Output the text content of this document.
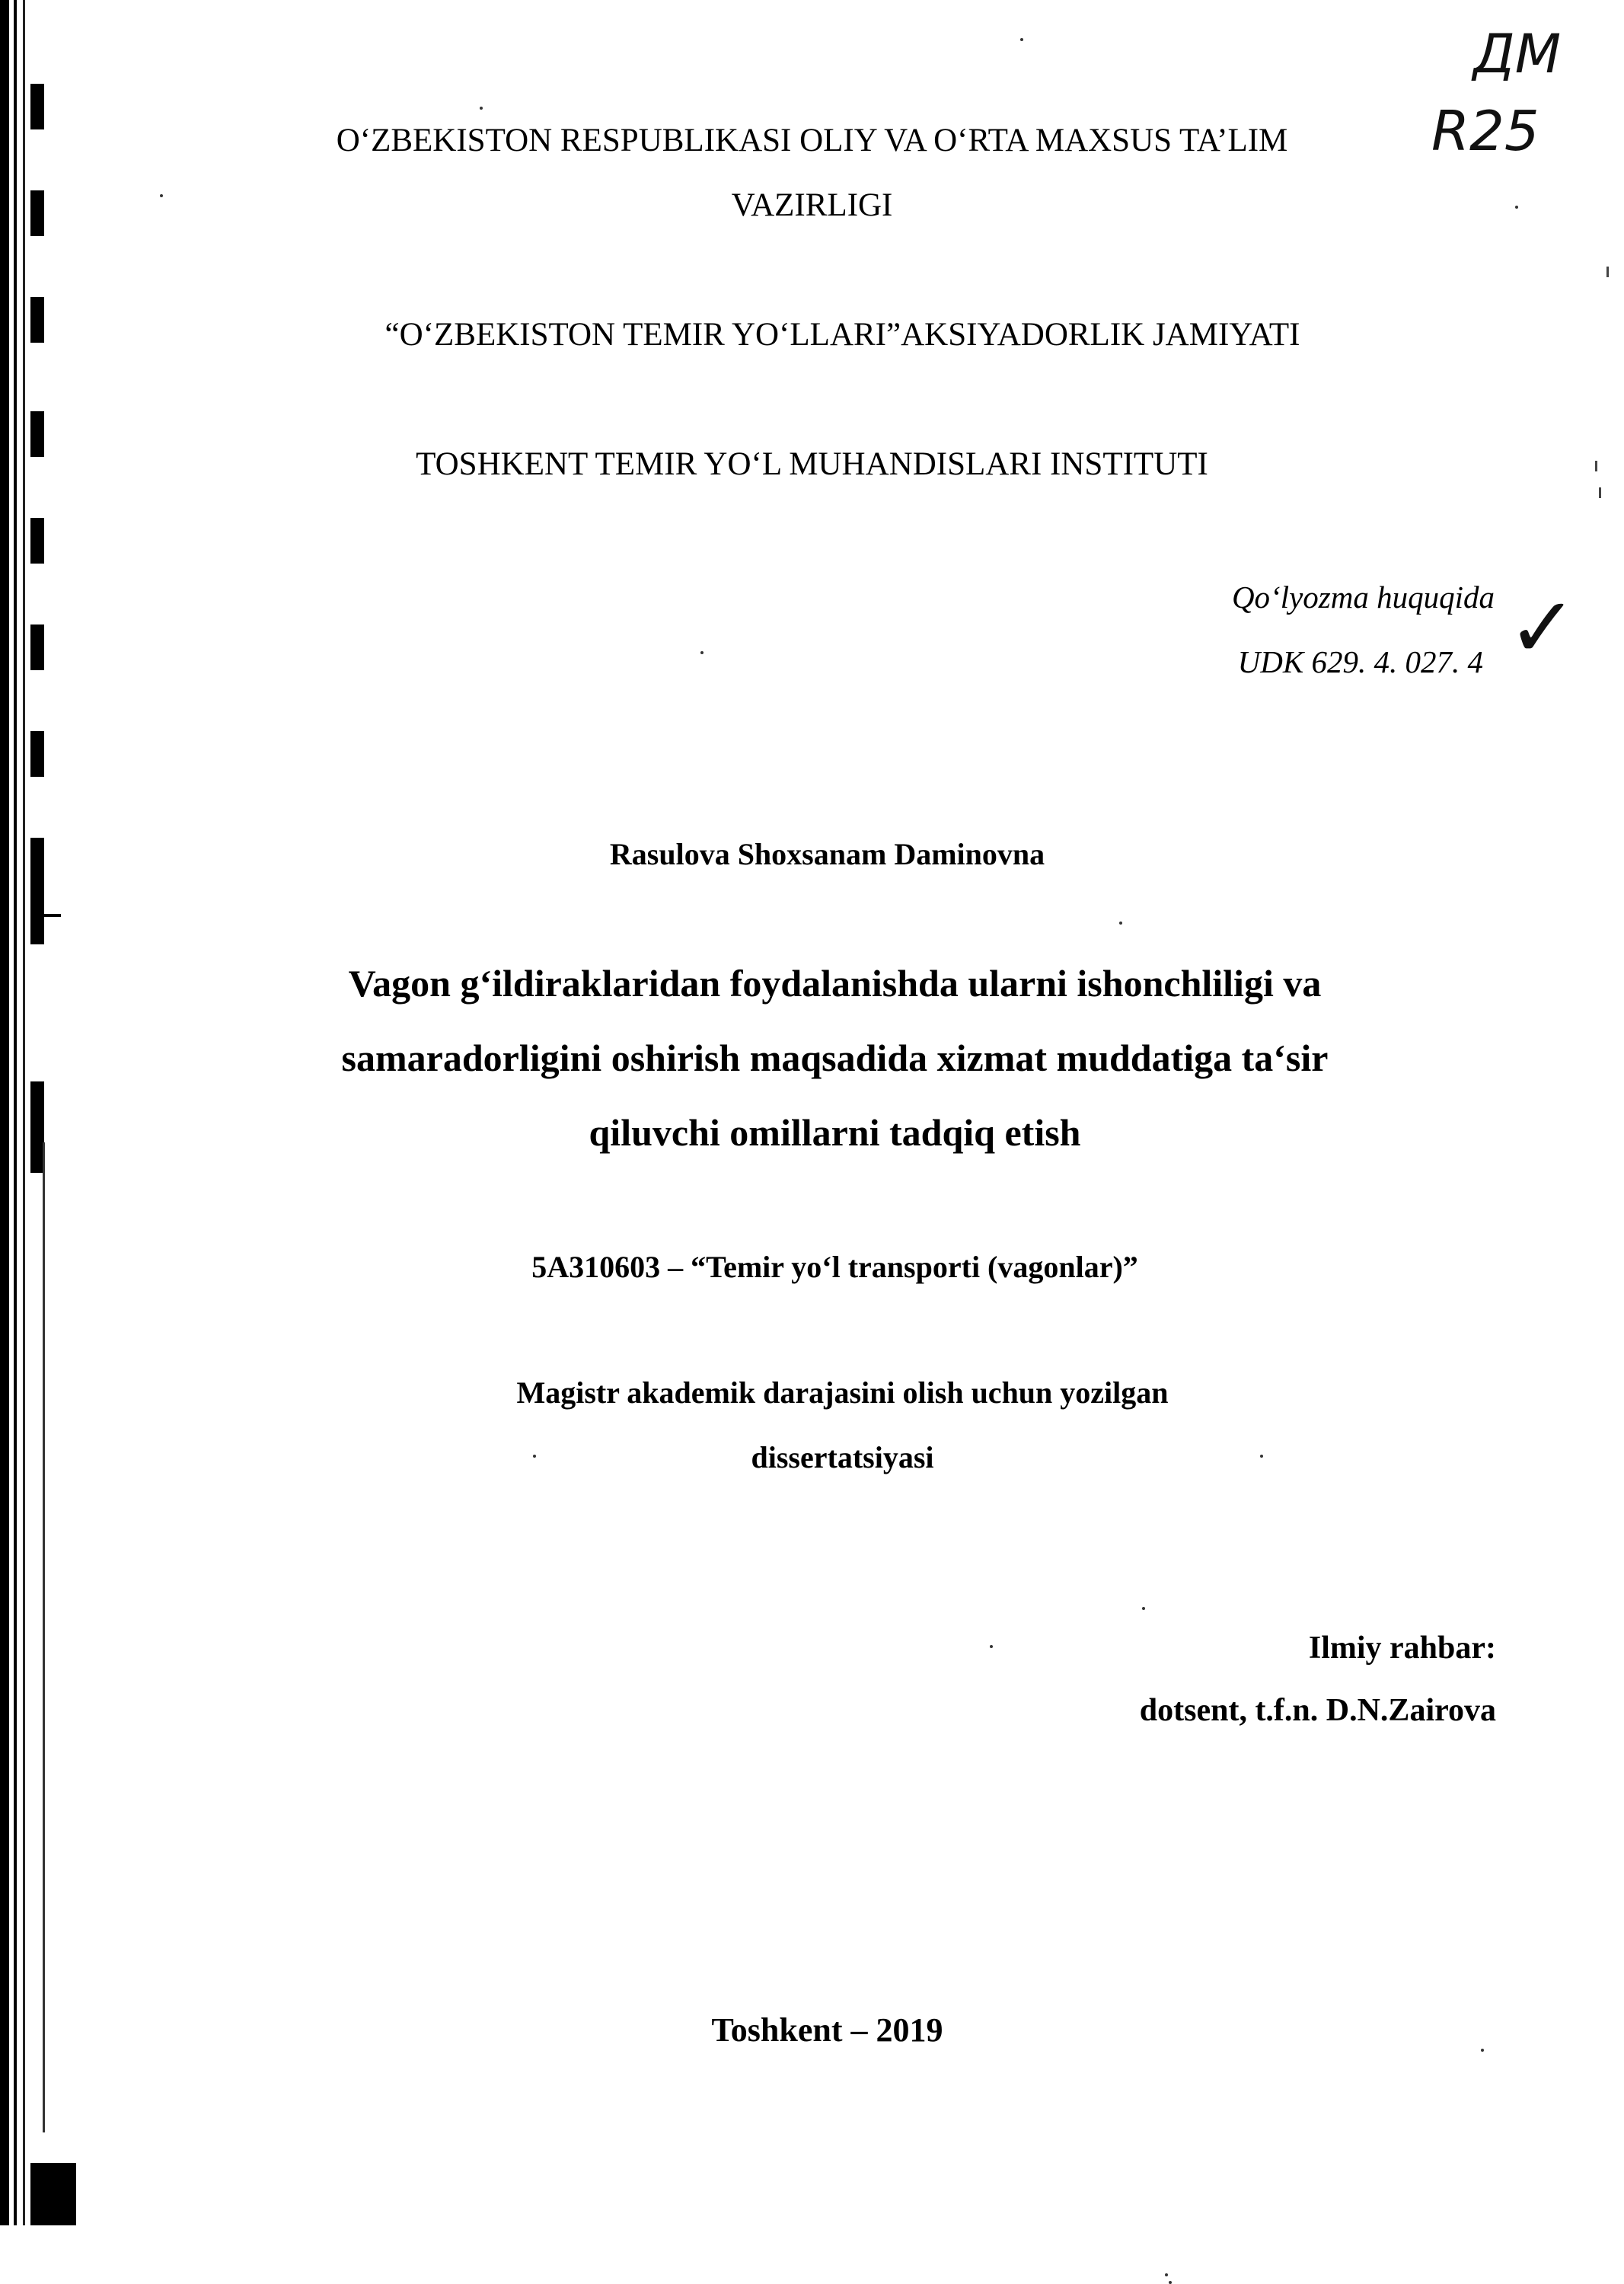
O‘ZBEKISTON RESPUBLIKASI OLIY VA O‘RTA MAXSUS TA’LIM
VAZIRLIGI
“O‘ZBEKISTON TEMIR YO‘LLARI”AKSIYADORLIK JAMIYATI
TOSHKENT TEMIR YO‘L MUHANDISLARI INSTITUTI
Qo‘lyozma huquqida
UDK 629. 4. 027. 4
Rasulova Shoxsanam Daminovna
Vagon g‘ildiraklaridan foydalanishda ularni ishonchliligi va
samaradorligini oshirish maqsadida xizmat muddatiga ta‘sir
qiluvchi omillarni tadqiq etish
5A310603 – “Temir yo‘l transporti (vagonlar)”
Magistr akademik darajasini olish uchun yozilgan
dissertatsiyasi
Ilmiy rahbar:
dotsent, t.f.n. D.N.Zairova
Toshkent – 2019
ДМ
R25
✓
